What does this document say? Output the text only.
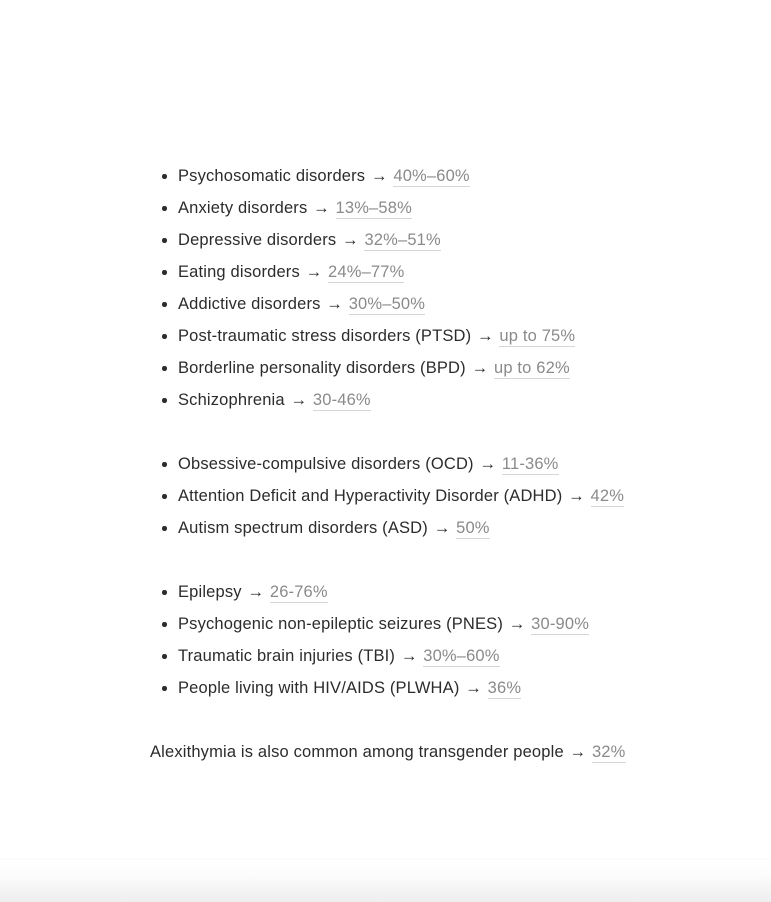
Psychosomatic disorders → 40%–60%
Anxiety disorders → 13%–58%
Depressive disorders → 32%–51%
Eating disorders → 24%–77%
Addictive disorders → 30%–50%
Post-traumatic stress disorders (PTSD) → up to 75%
Borderline personality disorders (BPD) → up to 62%
Schizophrenia → 30-46%
Obsessive-compulsive disorders (OCD) → 11-36%
Attention Deficit and Hyperactivity Disorder (ADHD) → 42%
Autism spectrum disorders (ASD) → 50%
Epilepsy → 26-76%
Psychogenic non-epileptic seizures (PNES) → 30-90%
Traumatic brain injuries (TBI) → 30%–60%
People living with HIV/AIDS (PLWHA) → 36%

Alexithymia is also common among transgender people → 32%
